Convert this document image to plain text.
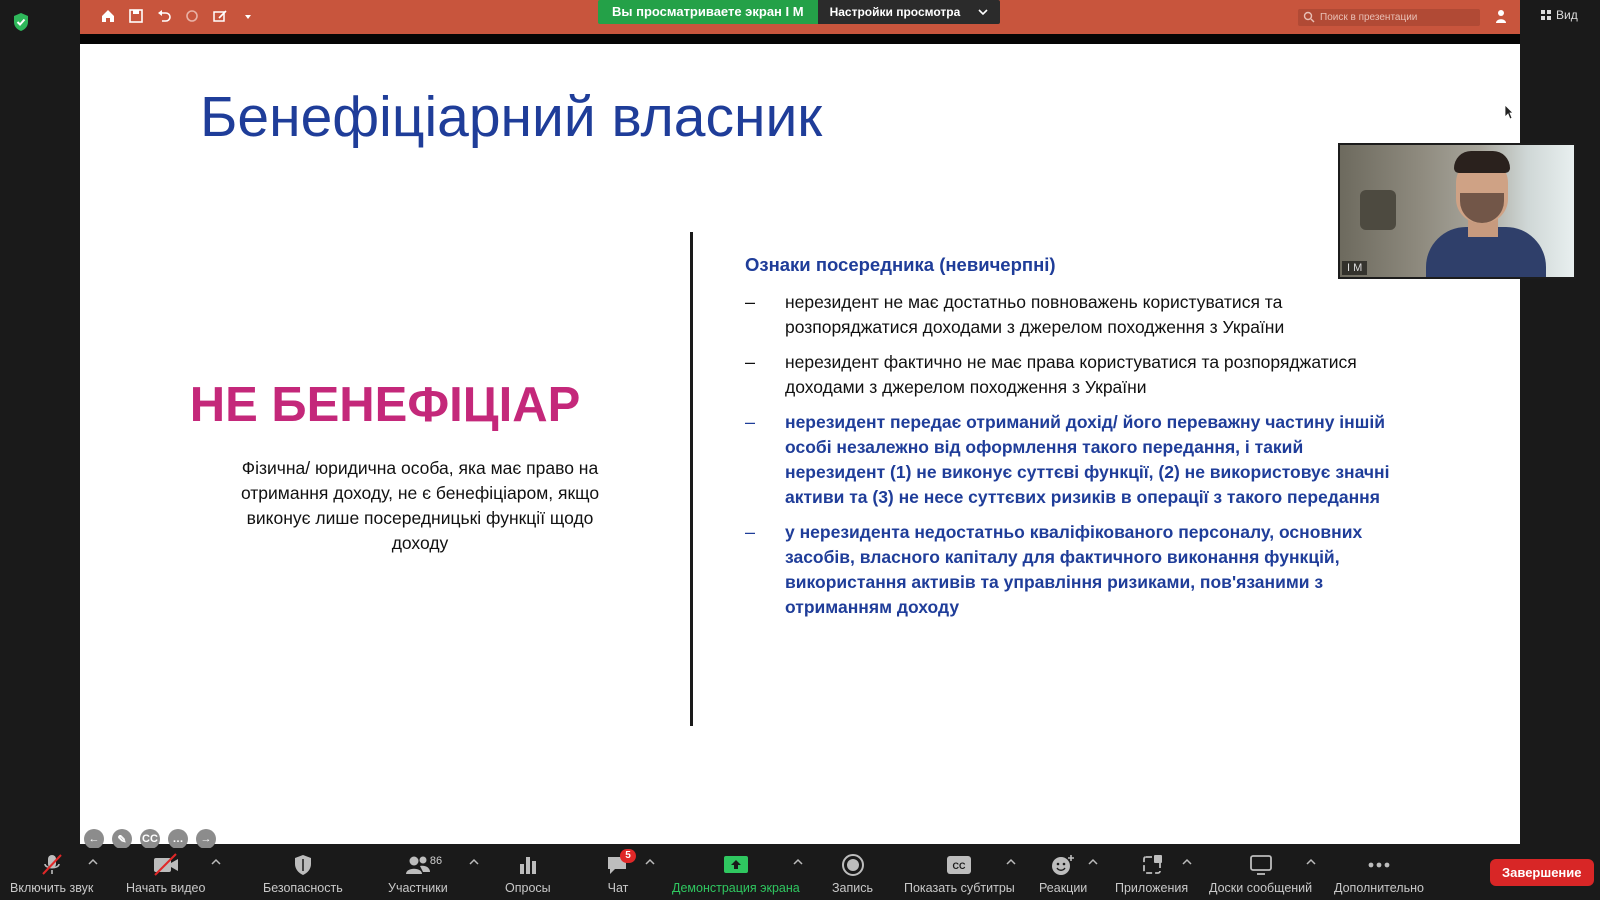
Вы просматриваете экран I M	Настройки просмотра	Поиск в презентации	Вид
Бенефіціарний власник
НЕ БЕНЕФІЦІАР
Фізична/ юридична особа, яка має право на отримання доходу, не є бенефіціаром, якщо виконує лише посередницькі функції щодо доходу
Ознаки посередника (невичерпні)
–	нерезидент не має достатньо повноважень користуватися та розпоряджатися доходами з джерелом походження з України
–	нерезидент фактично не має права користуватися та розпоряджатися доходами з джерелом походження з України
–	нерезидент передає отриманий дохід/ його переважну частину іншій особі незалежно від оформлення такого передання, і такий нерезидент (1) не виконує суттєві функції, (2) не використовує значні активи та (3) не несе суттєвих ризиків в операції з такого передання
–	у нерезидента недостатньо кваліфікованого персоналу, основних засобів, власного капіталу для фактичного виконання функцій, використання активів та управління ризиками, пов'язаними з отриманням доходу
←	✎	CC	…	→
I M
Включить звук	Начать видео	Безопасность
86
Участники	Опросы
5
Чат	Демонстрация экрана	Запись
CC
Показать субтитры Реакции Приложения Доски сообщений Дополнительно
Завершение
